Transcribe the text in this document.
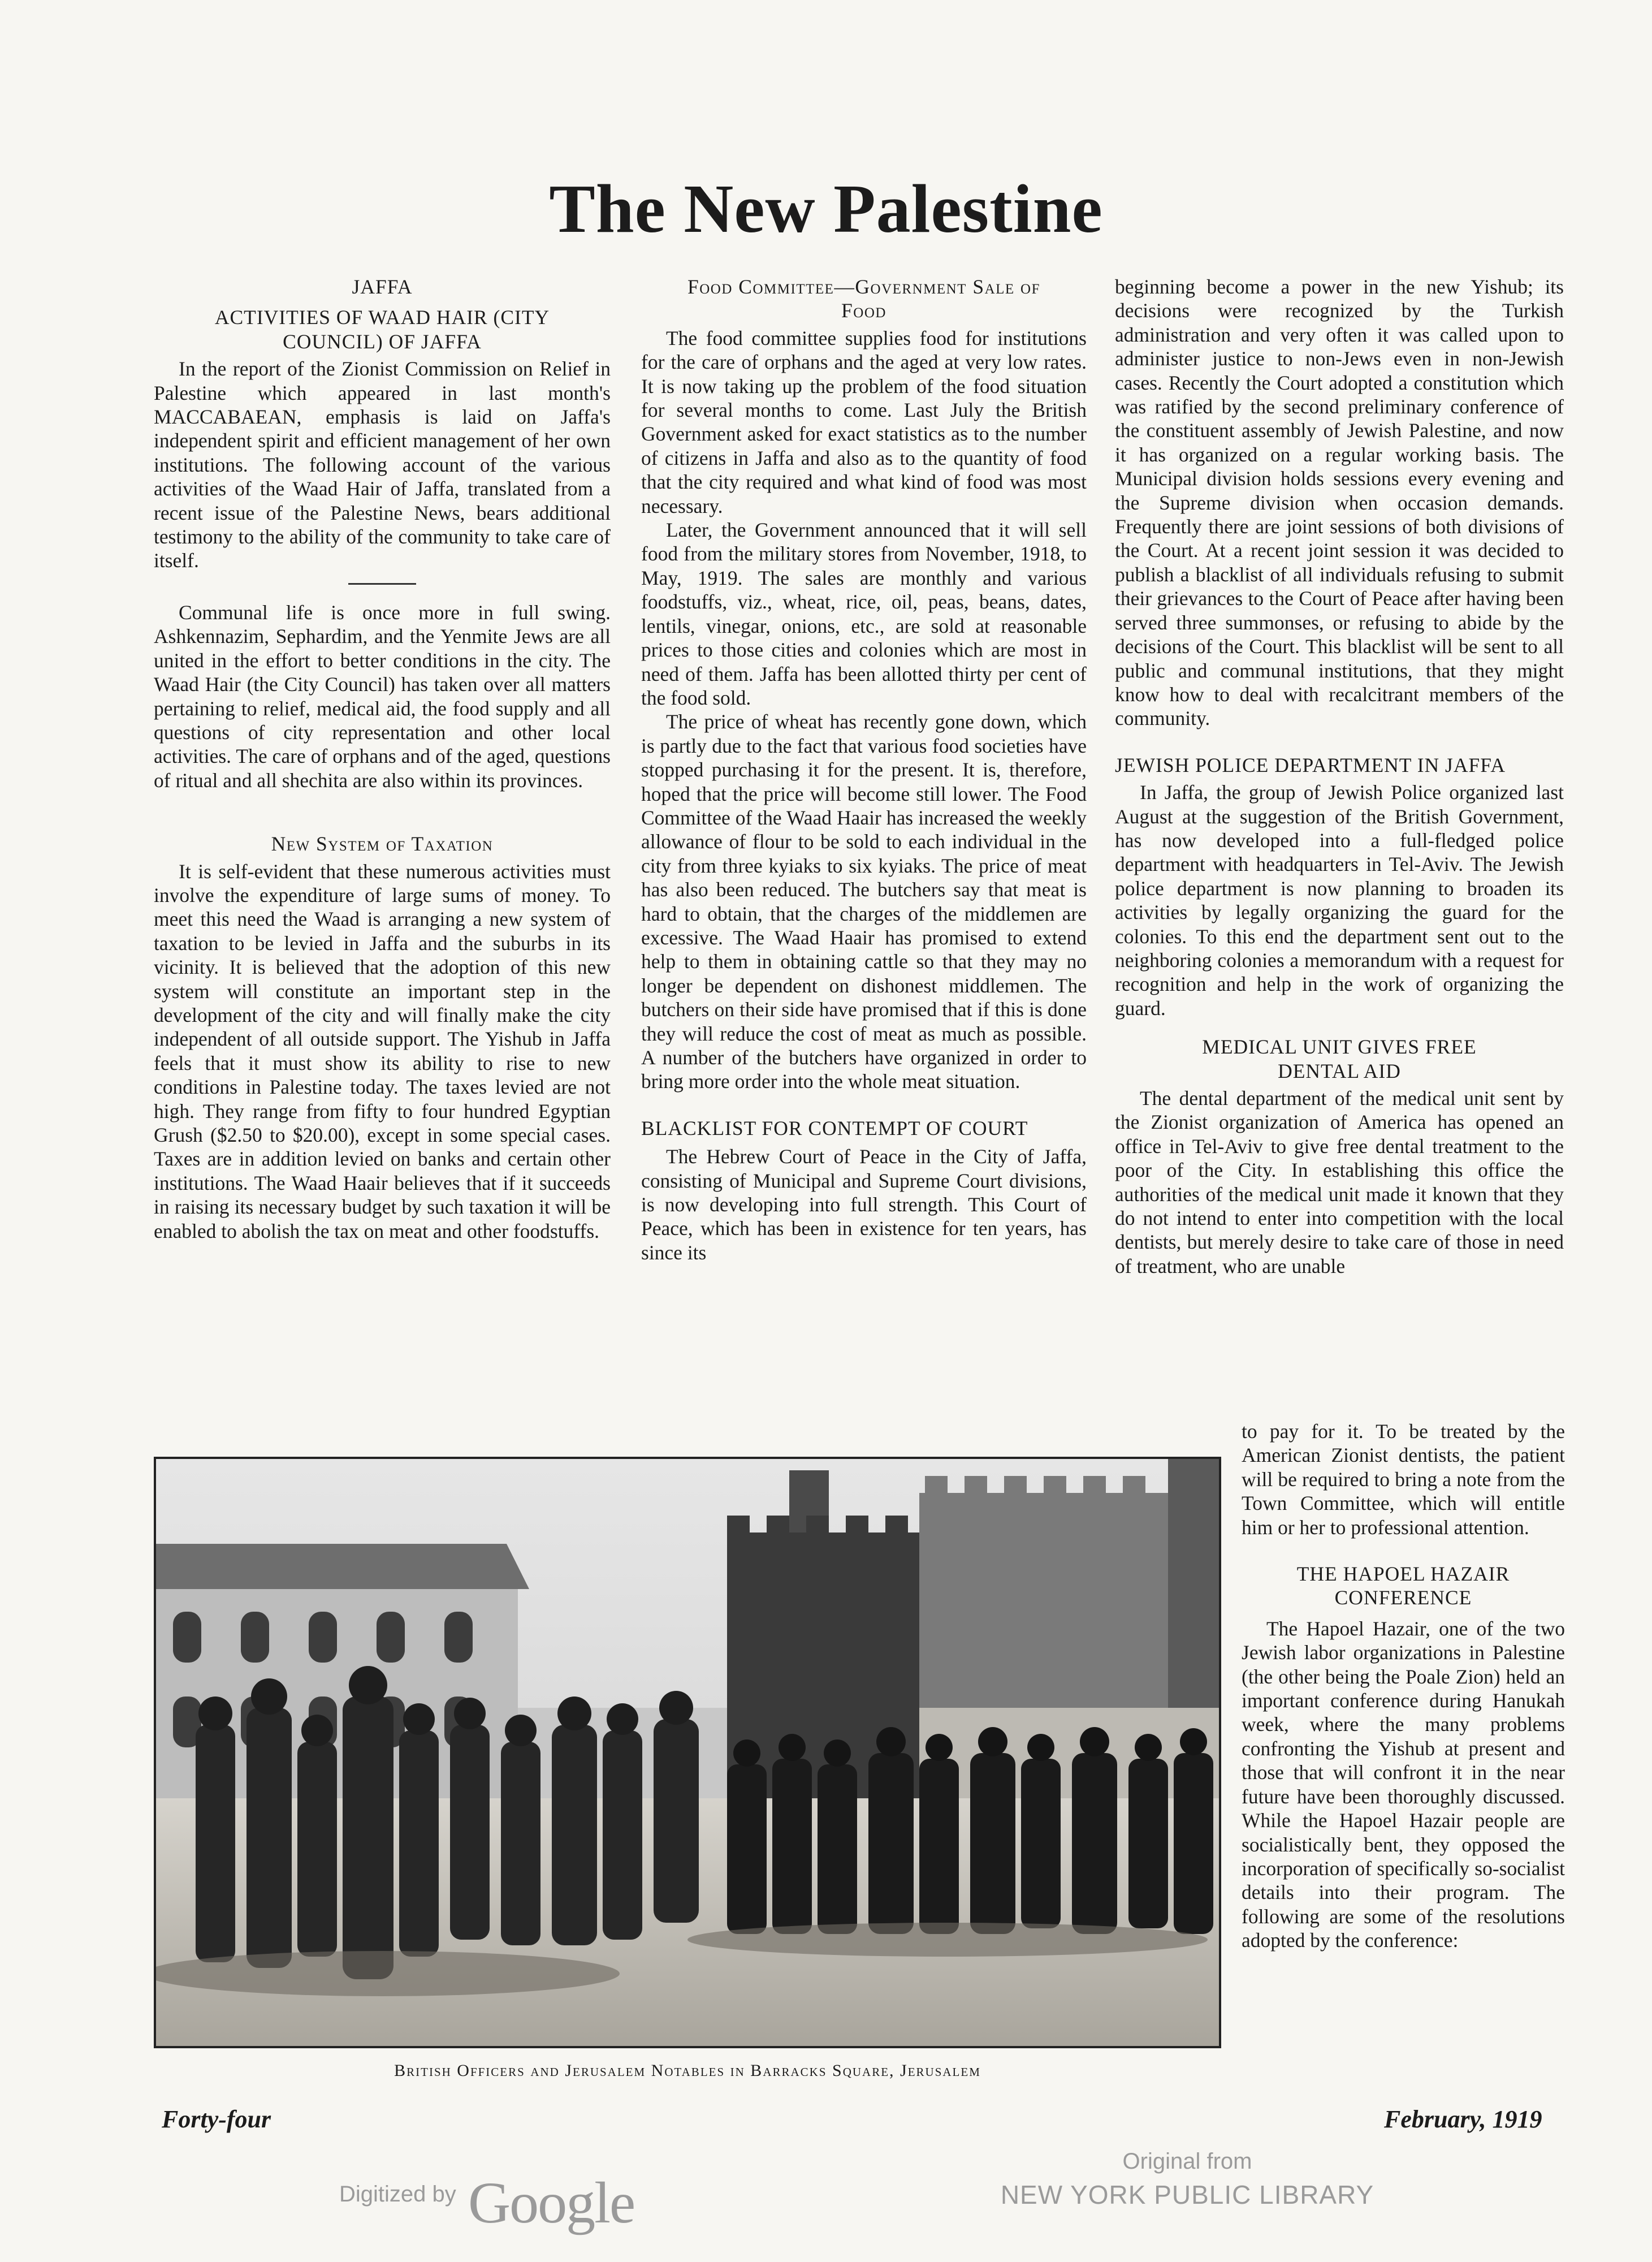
The New Palestine
JAFFA
ACTIVITIES OF WAAD HAIR (CITY COUNCIL) OF JAFFA

In the report of the Zionist Commission on Relief in Palestine which appeared in last month's MACCABAEAN, emphasis is laid on Jaffa's independent spirit and efficient management of her own institutions. The following account of the various activities of the Waad Hair of Jaffa, translated from a recent issue of the Palestine News, bears additional testimony to the ability of the community to take care of itself.

Communal life is once more in full swing. Ashkennazim, Sephardim, and the Yenmite Jews are all united in the effort to better conditions in the city. The Waad Hair (the City Council) has taken over all matters pertaining to relief, medical aid, the food supply and all questions of city representation and other local activities. The care of orphans and of the aged, questions of ritual and all shechita are also within its provinces.

New System of Taxation

It is self-evident that these numerous activities must involve the expenditure of large sums of money. To meet this need the Waad is arranging a new system of taxation to be levied in Jaffa and the suburbs in its vicinity. It is believed that the adoption of this new system will constitute an important step in the development of the city and will finally make the city independent of all outside support. The Yishub in Jaffa feels that it must show its ability to rise to new conditions in Palestine today. The taxes levied are not high. They range from fifty to four hundred Egyptian Grush ($2.50 to $20.00), except in some special cases. Taxes are in addition levied on banks and certain other institutions. The Waad Haair believes that if it succeeds in raising its necessary budget by such taxation it will be enabled to abolish the tax on meat and other foodstuffs.

Food Committee—Government Sale of Food

The food committee supplies food for institutions for the care of orphans and the aged at very low rates. It is now taking up the problem of the food situation for several months to come. Last July the British Government asked for exact statistics as to the number of citizens in Jaffa and also as to the quantity of food that the city required and what kind of food was most necessary.

Later, the Government announced that it will sell food from the military stores from November, 1918, to May, 1919. The sales are monthly and various foodstuffs, viz., wheat, rice, oil, peas, beans, dates, lentils, vinegar, onions, etc., are sold at reasonable prices to those cities and colonies which are most in need of them. Jaffa has been allotted thirty per cent of the food sold.

The price of wheat has recently gone down, which is partly due to the fact that various food societies have stopped purchasing it for the present. It is, therefore, hoped that the price will become still lower. The Food Committee of the Waad Haair has increased the weekly allowance of flour to be sold to each individual in the city from three kyiaks to six kyiaks. The price of meat has also been reduced. The butchers say that meat is hard to obtain, that the charges of the middlemen are excessive. The Waad Haair has promised to extend help to them in obtaining cattle so that they may no longer be dependent on dishonest middlemen. The butchers on their side have promised that if this is done they will reduce the cost of meat as much as possible. A number of the butchers have organized in order to bring more order into the whole meat situation.

BLACKLIST FOR CONTEMPT OF COURT

The Hebrew Court of Peace in the City of Jaffa, consisting of Municipal and Supreme Court divisions, is now developing into full strength. This Court of Peace, which has been in existence for ten years, has since its

beginning become a power in the new Yishub; its decisions were recognized by the Turkish administration and very often it was called upon to administer justice to non-Jews even in non-Jewish cases. Recently the Court adopted a constitution which was ratified by the second preliminary conference of the constituent assembly of Jewish Palestine, and now it has organized on a regular working basis. The Municipal division holds sessions every evening and the Supreme division when occasion demands. Frequently there are joint sessions of both divisions of the Court. At a recent joint session it was decided to publish a blacklist of all individuals refusing to submit their grievances to the Court of Peace after having been served three summonses, or refusing to abide by the decisions of the Court. This blacklist will be sent to all public and communal institutions, that they might know how to deal with recalcitrant members of the community.

JEWISH POLICE DEPARTMENT IN JAFFA

In Jaffa, the group of Jewish Police organized last August at the suggestion of the British Government, has now developed into a full-fledged police department with headquarters in Tel-Aviv. The Jewish police department is now planning to broaden its activities by legally organizing the guard for the colonies. To this end the department sent out to the neighboring colonies a memorandum with a request for recognition and help in the work of organizing the guard.

MEDICAL UNIT GIVES FREE DENTAL AID

The dental department of the medical unit sent by the Zionist organization of America has opened an office in Tel-Aviv to give free dental treatment to the poor of the City. In establishing this office the authorities of the medical unit made it known that they do not intend to enter into competition with the local dentists, but merely desire to take care of those in need of treatment, who are unable

to pay for it. To be treated by the American Zionist dentists, the patient will be required to bring a note from the Town Committee, which will entitle him or her to professional attention.

THE HAPOEL HAZAIR CONFERENCE

The Hapoel Hazair, one of the two Jewish labor organizations in Palestine (the other being the Poale Zion) held an important conference during Hanukah week, where the many problems confronting the Yishub at present and those that will confront it in the near future have been thoroughly discussed. While the Hapoel Hazair people are socialistically bent, they opposed the incorporation of specifically so-socialist details into their program. The following are some of the resolutions adopted by the conference:

British Officers and Jerusalem Notables in Barracks Square, Jerusalem
Forty-four	February, 1919
Digitized by Google
Original from
NEW YORK PUBLIC LIBRARY
